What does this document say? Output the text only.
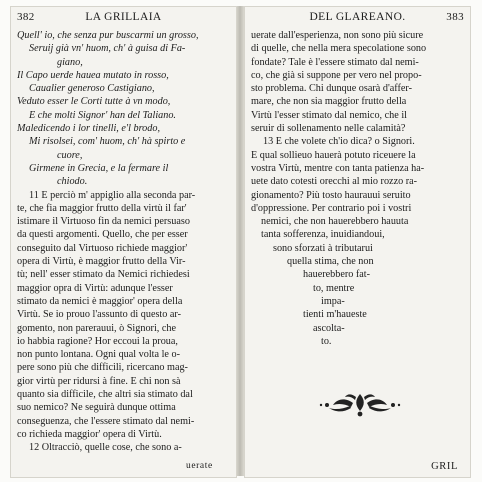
382	LA GRILLAIA
Quell' io, che senza pur buscarmi un grosso,
Seruij già vn' huom, ch' à guisa di Fa-
giano,
Il Capo uerde hauea mutato in rosso,
Caualier generoso Castigiano,
Veduto esser le Corti tutte à vn modo,
E che molti Signor' han del Taliano.
Maledicendo i lor tinelli, e'l brodo,
Mi risolsei, com' huom, ch' hà spirto e
cuore,
Girmene in Grecia, e la fermare il
chiodo.
11 E perciò m' appiglio alla seconda par-
te, che fia maggior frutto della virtù il far'
istimare il Virtuoso fin da nemici persuaso
da questi argomenti. Quello, che per esser
conseguito dal Virtuoso richiede maggior'
opera di Virtù, è maggior frutto della Vir-
tù; nell' esser stimato da Nemici richiedesi
maggior opra di Virtù: adunque l'esser
stimato da nemici è maggior' opera della
Virtù. Se io prouo l'assunto di questo ar-
gomento, non parerauui, ò Signori, che
io habbia ragione? Hor eccoui la proua,
non punto lontana. Ogni qual volta le o-
pere sono più che difficili, ricercano mag-
gior virtù per ridursi à fine. E chi non sà
quanto sia difficile, che altri sia stimato dal
suo nemico? Ne seguirà dunque ottima
conseguenza, che l'essere stimato dal nemi-
co richieda maggior' opera di Virtù.
12 Oltracciò, quelle cose, che sono a-
uerate
DEL GLAREANO.	383
uerate dall'esperienza, non sono più sicure
di quelle, che nella mera specolatione sono
fondate? Tale è l'essere stimato dal nemi-
co, che già si suppone per vero nel propo-
sto problema. Chi dunque osarà d'affer-
mare, che non sia maggior frutto della
Virtù l'esser stimato dal nemico, che il
seruir di sollenamento nelle calamità?
13 E che volete ch'io dica? o Signori.
E qual sollieuo hauerà potuto riceuere la
vostra Virtù, mentre con tanta patienza ha-
uete dato cotesti orecchi al mio rozzo ra-
gionamento? Più tosto haurauui seruito
d'oppressione. Per contrario poi i vostri
nemici, che non hauerebbero hauuta
tanta sofferenza, inuidiandoui,
sono sforzati à tributarui
quella stima, che non
hauerebbero fat-
to, mentre
impa-
tienti m'haueste
ascolta-
to.
GRIL
